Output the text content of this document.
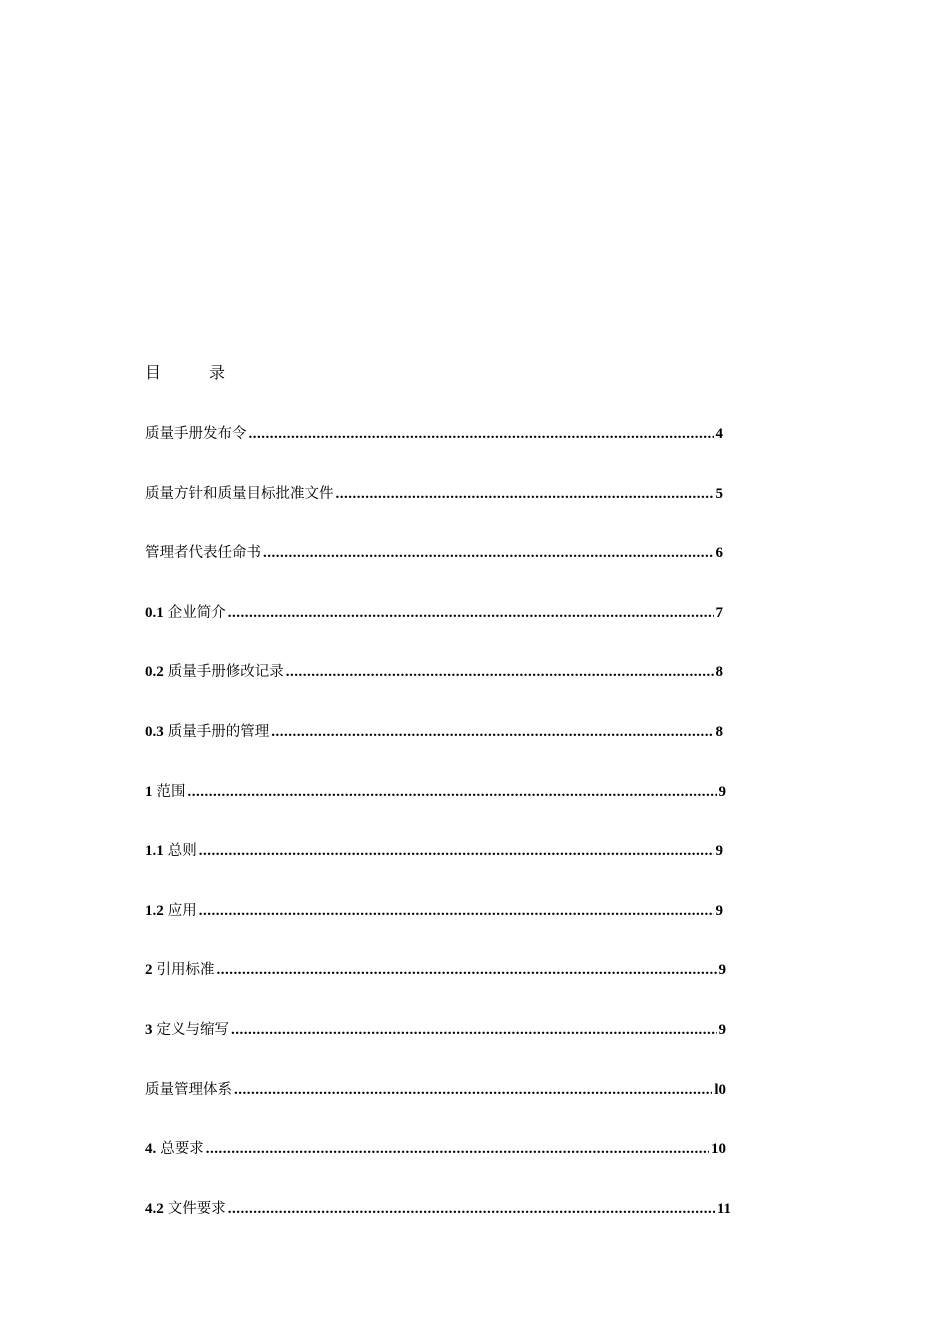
目	录
质量手册发布令 .....	4
质量方针和质量目标批准文件 .....	5
管理者代表任命书 .....	6
0.1 企业简介 .....	7
0.2 质量手册修改记录 .....	8
0.3 质量手册的管理 .....	8
1 范围 .....	9
1.1 总则 .....	9
1.2 应用 .....	9
2 引用标准 .....	9
3 定义与缩写 .....	9
质量管理体系 .....	l0
4. 总要求 .....	10
4.2 文件要求 .....	11
